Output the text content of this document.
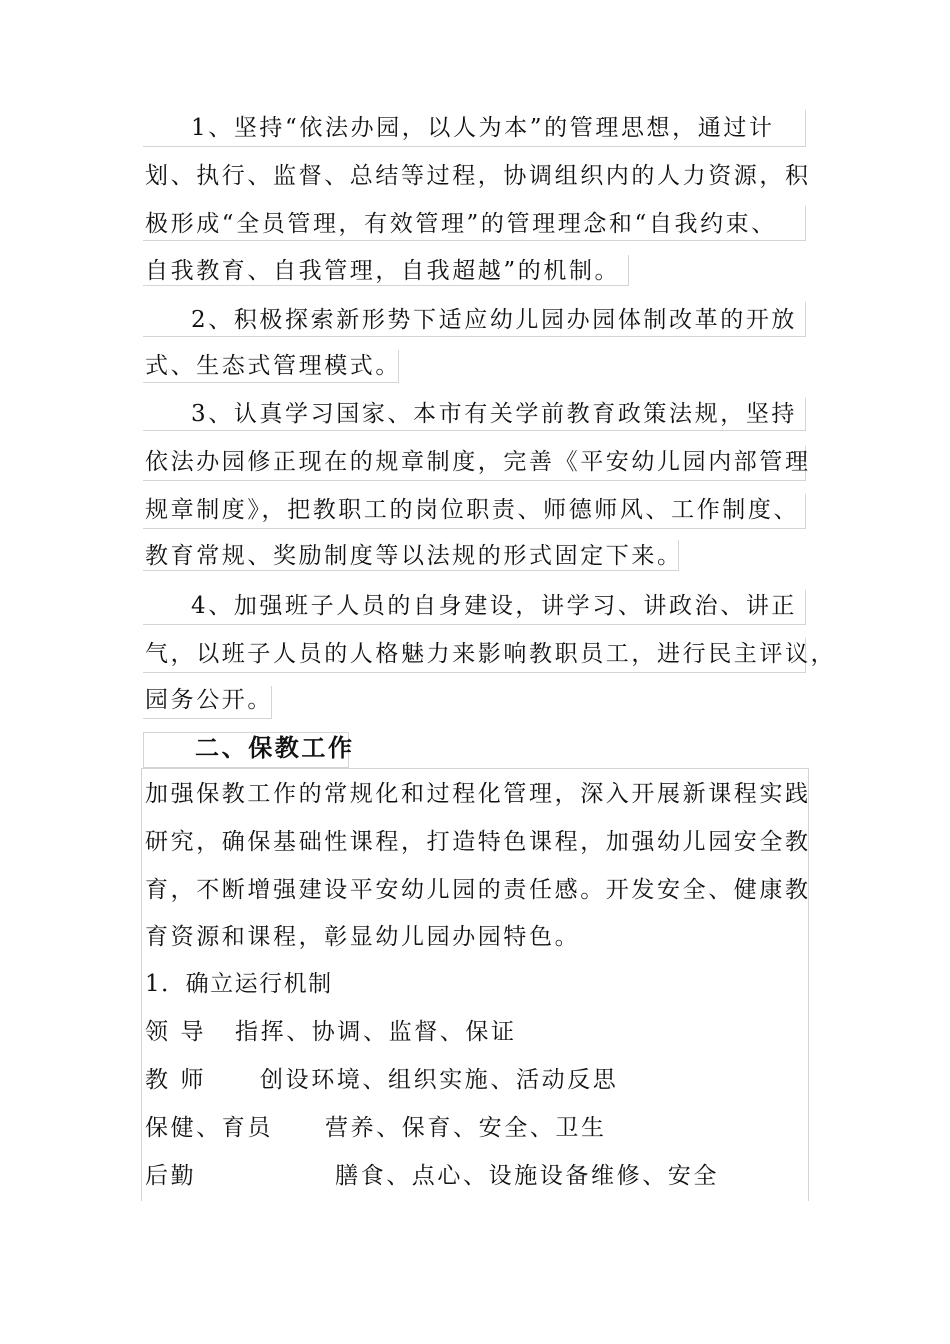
1、坚持“依法办园，以人为本”的管理思想，通过计
划、执行、监督、总结等过程，协调组织内的人力资源，积
极形成“全员管理，有效管理”的管理理念和“自我约束、
自我教育、自我管理，自我超越”的机制。
2、积极探索新形势下适应幼儿园办园体制改革的开放
式、生态式管理模式。
3、认真学习国家、本市有关学前教育政策法规，坚持
依法办园修正现在的规章制度，完善《平安幼儿园内部管理
规章制度》，把教职工的岗位职责、师德师风、工作制度、
教育常规、奖励制度等以法规的形式固定下来。
4、加强班子人员的自身建设，讲学习、讲政治、讲正
气，以班子人员的人格魅力来影响教职员工，进行民主评议，
园务公开。
二、保教工作
加强保教工作的常规化和过程化管理，深入开展新课程实践
研究，确保基础性课程，打造特色课程，加强幼儿园安全教
育，不断增强建设平安幼儿园的责任感。开发安全、健康教
育资源和课程，彰显幼儿园办园特色。
1．确立运行机制
领 导 指挥、协调、监督、保证
教 师 创设环境、组织实施、活动反思
保健、育员 营养、保育、安全、卫生
后勤	膳食、点心、设施设备维修、安全
